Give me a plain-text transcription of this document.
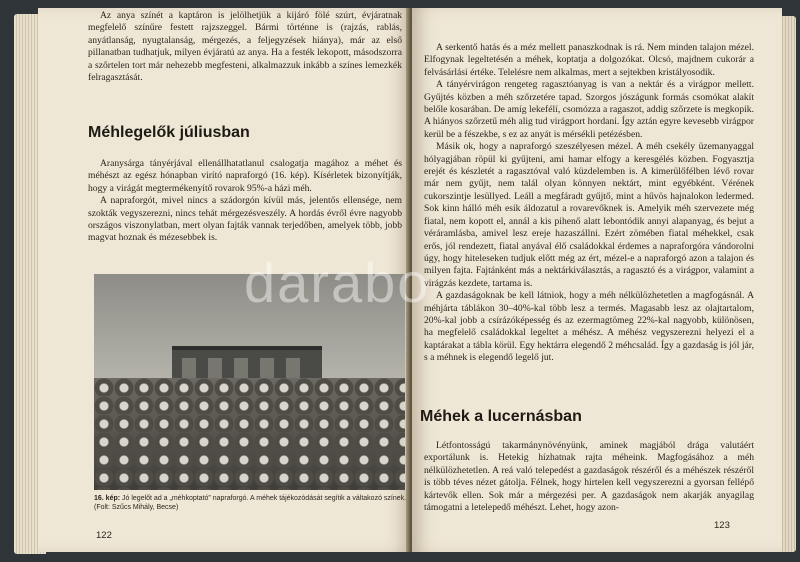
Az anya színét a kaptáron is jelölhetjük a kijáró fölé szúrt, évjáratnak megfelelő színűre festett rajzszeggel. Bármi történne is (rajzás, rablás, anyátlanság, nyugtalanság, mérgezés, a feljegyzések hiánya), már az első pillanatban tudhatjuk, milyen évjáratú az anya. Ha a festék lekopott, másodszorra a szőrtelen tort már nehezebb megfesteni, alkalmazzuk inkább a színes lemezkék felragasztását.

Méhlegelők júliusban

Aranysárga tányérjával ellenállhatatlanul csalogatja magához a méhet és méhészt az egész hónapban virító napraforgó (16. kép). Kísérletek bizonyítják, hogy a virágát megtermékenyítő rovarok 95%-a házi méh.

A napraforgót, mivel nincs a szádorgón kívül más, jelentős ellensége, nem szokták vegyszerezni, nincs tehát mérgezésveszély. A hordás évről évre nagyobb országos viszonylatban, mert olyan fajták vannak terjedőben, amelyek több, jobb magvat hoznak és mézesebbek is.

16. kép: Jó legelőt ad a „méhkoptató” napraforgó. A méhek tájékozódását segítik a váltakozó színek.
(Folt: Szűcs Mihály, Becse)
122

A serkentő hatás és a méz mellett panaszkodnak is rá. Nem minden talajon mézel. Elfogynak legeltetésén a méhek, koptatja a dolgozókat. Olcsó, majdnem cukorár a felvásárlási értéke. Telelésre nem alkalmas, mert a sejtekben kristályosodik.

A tányérvirágon rengeteg ragasztóanyag is van a nektár és a virágpor mellett. Gyűjtés közben a méh szőrzetére tapad. Szorgos jószágunk formás csomókat alakít belőle kosarában. De amíg lekefélí, csomózza a ragaszot, addig szőrzete is megkopik. A hiányos szőrzetű méh alig tud virágport hordani. Így aztán egyre kevesebb virágpor kerül be a fészekbe, s ez az anyát is mérsékli petézésben.

Másik ok, hogy a napraforgó szeszélyesen mézel. A méh csekély üzemanyaggal hólyagjában röpül ki gyűjteni, ami hamar elfogy a keresgélés közben. Fogyasztja erejét és készletét a ragasztóval való küzdelemben is. A kimerülőfélben lévő rovar már nem gyűjt, nem talál olyan könnyen nektárt, mint egyébként. Vérének cukorszintje lesüllyed. Leáll a megfáradt gyűjtő, mint a hűvös hajnalokon ledermed. Sok kinn hálló méh esik áldozatul a rovarevőknek is. Amelyik méh szervezete még fiatal, nem kopott el, annál a kis pihenő alatt lebontódik annyi alapanyag, és bejut a véráramlásba, amivel lesz ereje hazaszállni. Ezért zömében fiatal méhekkel, csak erős, jól rendezett, fiatal anyával élő családokkal érdemes a napraforgóra vándorolni úgy, hogy hiteleseken tudjuk előtt még az ért, mézel-e a napraforgó azon a talajon és milyen fajta. Fajtánként más a nektárkiválasztás, a ragasztó és a virágpor, valamint a virágzás kezdete, tartama is.

A gazdaságoknak be kell látniok, hogy a méh nélkülözhetetlen a magfogásnál. A méhjárta táblákon 30–40%-kal több lesz a termés. Magasabb lesz az olajtartalom, 20%-kal jobb a csírázóképesség és az ezermagtömeg 22%-kal nagyobb, különösen, ha megfelelő családokkal legeltet a méhész. A méhész vegyszerezni helyezi el a kaptárakat a tábla körül. Egy hektárra elegendő 2 méhcsalád. Így a gazdaság is jól jár, s a méhnek is elegendő legelő jut.

Méhek a lucernásban

Létfontosságú takarmánynövényünk, aminek magjából drága valutáért exportálunk is. Hetekig hízhatnak rajta méheink. Magfogásához a méh nélkülözhetetlen. A reá való telepedést a gazdaságok részéről és a méhészek részéről is több téves nézet gátolja. Félnek, hogy hirtelen kell vegyszerezni a gyorsan fellépő kártevők ellen. Sok már a mérgezési per. A gazdaságok nem akarják anyagilag támogatni a letelepedő méhészt. Lehet, hogy azon-

123
darabo
